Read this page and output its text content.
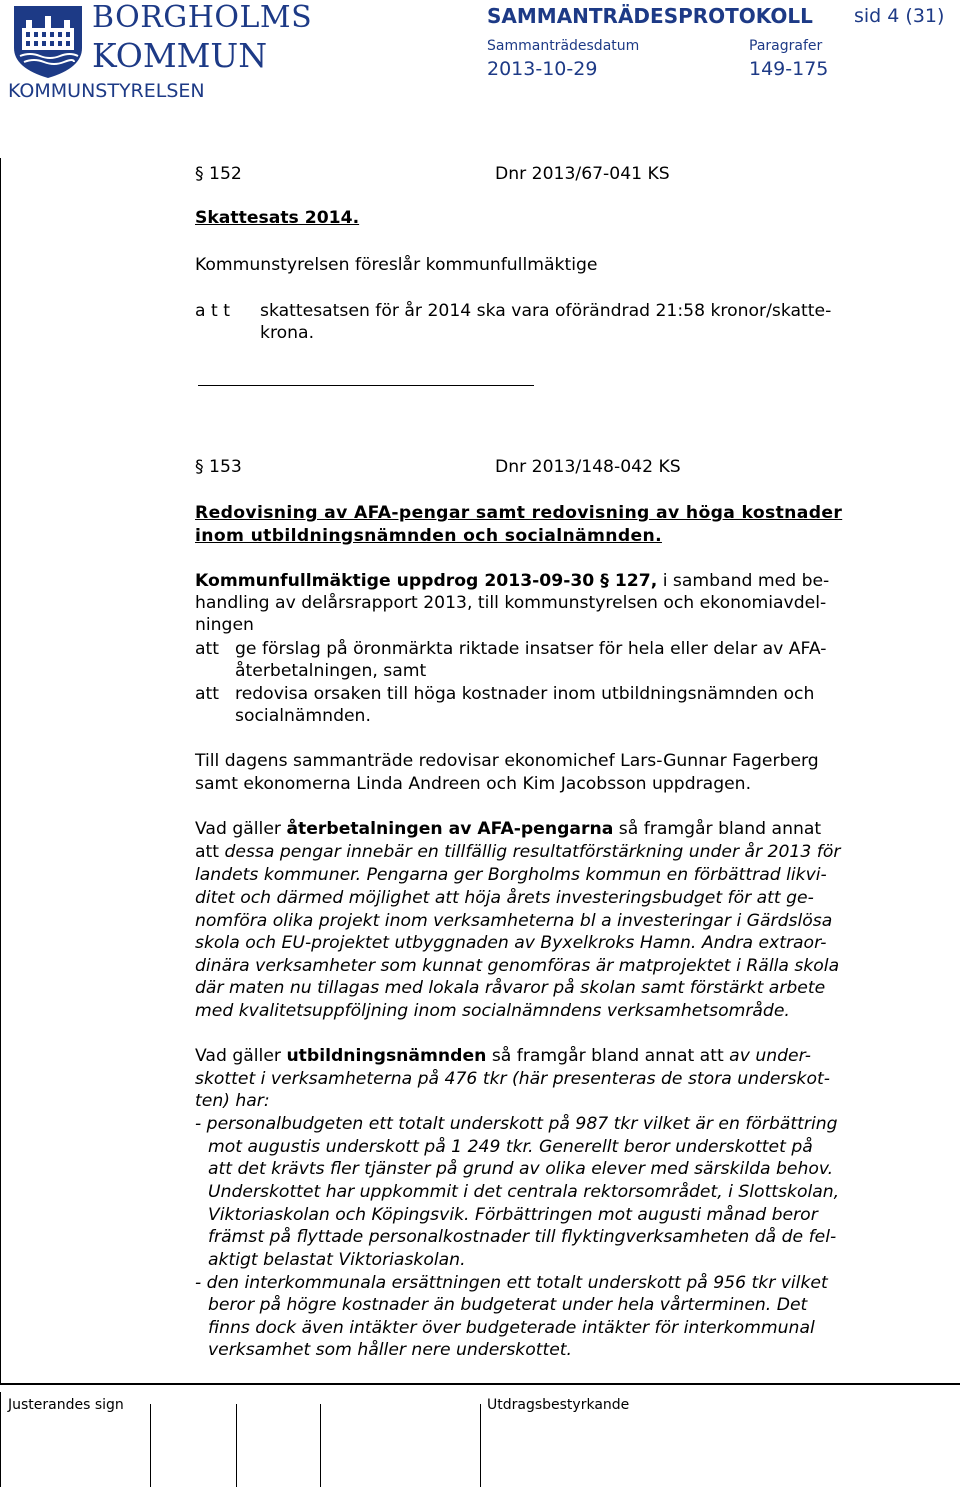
BORGHOLMS
KOMMUN
KOMMUNSTYRELSEN
SAMMANTRÄDESPROTOKOLL sid 4 (31)
Sammanträdesdatum	Paragrafer
2013-10-29	149-175
§ 152	Dnr 2013/67-041 KS
Skattesats 2014.
Kommunstyrelsen föreslår kommunfullmäktige
a t t skattesatsen för år 2014 ska vara oförändrad 21:58 kronor/skatte-
krona.
§ 153	Dnr 2013/148-042 KS
Redovisning av AFA-pengar samt redovisning av höga kostnader
inom utbildningsnämnden och socialnämnden.
Kommunfullmäktige uppdrog 2013-09-30 § 127, i samband med be-
handling av delårsrapport 2013, till kommunstyrelsen och ekonomiavdel-
ningen
att ge förslag på öronmärkta riktade insatser för hela eller delar av AFA-
återbetalningen, samt
att redovisa orsaken till höga kostnader inom utbildningsnämnden och
socialnämnden.
Till dagens sammanträde redovisar ekonomichef Lars-Gunnar Fagerberg
samt ekonomerna Linda Andreen och Kim Jacobsson uppdragen.
Vad gäller återbetalningen av AFA-pengarna så framgår bland annat
att dessa pengar innebär en tillfällig resultatförstärkning under år 2013 för
landets kommuner. Pengarna ger Borgholms kommun en förbättrad likvi-
ditet och därmed möjlighet att höja årets investeringsbudget för att ge-
nomföra olika projekt inom verksamheterna bl a investeringar i Gärdslösa
skola och EU-projektet utbyggnaden av Byxelkroks Hamn. Andra extraor-
dinära verksamheter som kunnat genomföras är matprojektet i Rälla skola
där maten nu tillagas med lokala råvaror på skolan samt förstärkt arbete
med kvalitetsuppföljning inom socialnämndens verksamhetsområde.
Vad gäller utbildningsnämnden så framgår bland annat att av under-
skottet i verksamheterna på 476 tkr (här presenteras de stora underskot-
ten) har:
- personalbudgeten ett totalt underskott på 987 tkr vilket är en förbättring
mot augustis underskott på 1 249 tkr. Generellt beror underskottet på
att det krävts fler tjänster på grund av olika elever med särskilda behov.
Underskottet har uppkommit i det centrala rektorsområdet, i Slottskolan,
Viktoriaskolan och Köpingsvik. Förbättringen mot augusti månad beror
främst på flyttade personalkostnader till flyktingverksamheten då de fel-
aktigt belastat Viktoriaskolan.
- den interkommunala ersättningen ett totalt underskott på 956 tkr vilket
beror på högre kostnader än budgeterat under hela vårterminen. Det
finns dock även intäkter över budgeterade intäkter för interkommunal
verksamhet som håller nere underskottet.
Justerandes sign	Utdragsbestyrkande
